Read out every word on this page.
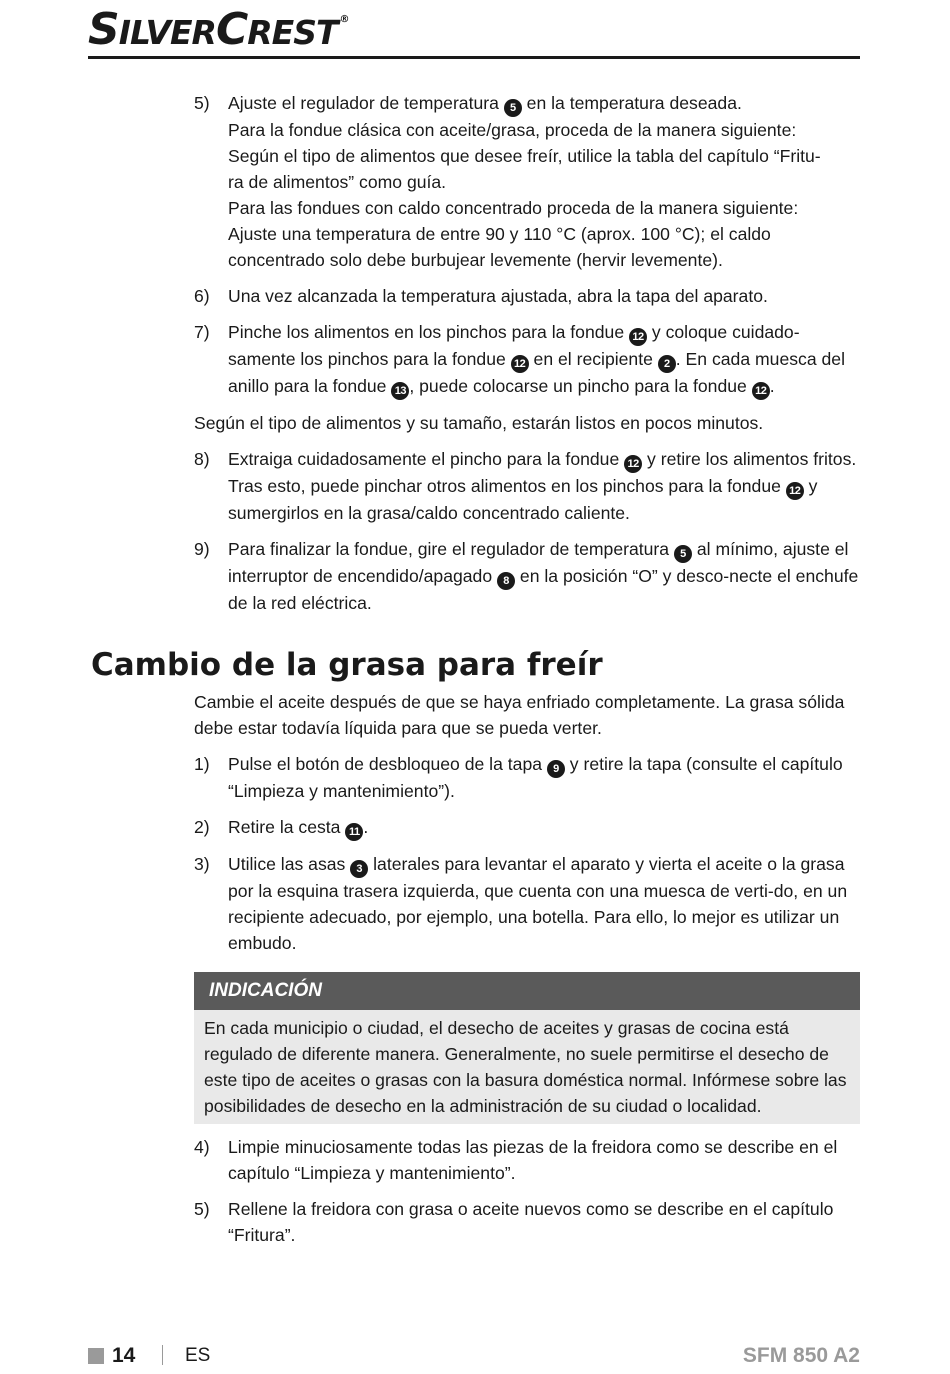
SILVERCREST ®
5)	Ajuste el regulador de temperatura 5 en la temperatura deseada.
Para la fondue clásica con aceite/grasa, proceda de la manera siguiente:
Según el tipo de alimentos que desee freír, utilice la tabla del capítulo “Fritu-
ra de alimentos” como guía.
Para las fondues con caldo concentrado proceda de la manera siguiente:
Ajuste una temperatura de entre 90 y 110 °C (aprox. 100 °C); el caldo
concentrado solo debe burbujear levemente (hervir levemente).
6)	Una vez alcanzada la temperatura ajustada, abra la tapa del aparato.
7)	Pinche los alimentos en los pinchos para la fondue 12 y coloque cuidado-samente los pinchos para la fondue 12 en el recipiente 2 . En cada muesca del anillo para la fondue 13 , puede colocarse un pincho para la fondue 12 .
Según el tipo de alimentos y su tamaño, estarán listos en pocos minutos.
8)	Extraiga cuidadosamente el pincho para la fondue 12 y retire los alimentos fritos. Tras esto, puede pinchar otros alimentos en los pinchos para la fondue 12 y sumergirlos en la grasa/caldo concentrado caliente.
9)	Para finalizar la fondue, gire el regulador de temperatura 5 al mínimo, ajuste el interruptor de encendido/apagado 8 en la posición “O” y desco-necte el enchufe de la red eléctrica.
Cambio de la grasa para freír
Cambie el aceite después de que se haya enfriado completamente. La grasa sólida debe estar todavía líquida para que se pueda verter.
1)	Pulse el botón de desbloqueo de la tapa 9 y retire la tapa (consulte el capítulo “Limpieza y mantenimiento”).
2)	Retire la cesta 11 .
3)	Utilice las asas 3 laterales para levantar el aparato y vierta el aceite o la grasa por la esquina trasera izquierda, que cuenta con una muesca de verti-do, en un recipiente adecuado, por ejemplo, una botella. Para ello, lo mejor es utilizar un embudo.
INDICACIÓN
En cada municipio o ciudad, el desecho de aceites y grasas de cocina está regulado de diferente manera. Generalmente, no suele permitirse el desecho de este tipo de aceites o grasas con la basura doméstica normal. Infórmese sobre las posibilidades de desecho en la administración de su ciudad o localidad.
4)	Limpie minuciosamente todas las piezas de la freidora como se describe en el capítulo “Limpieza y mantenimiento”.
5)	Rellene la freidora con grasa o aceite nuevos como se describe en el capítulo “Fritura”.
14	ES	SFM 850 A2
